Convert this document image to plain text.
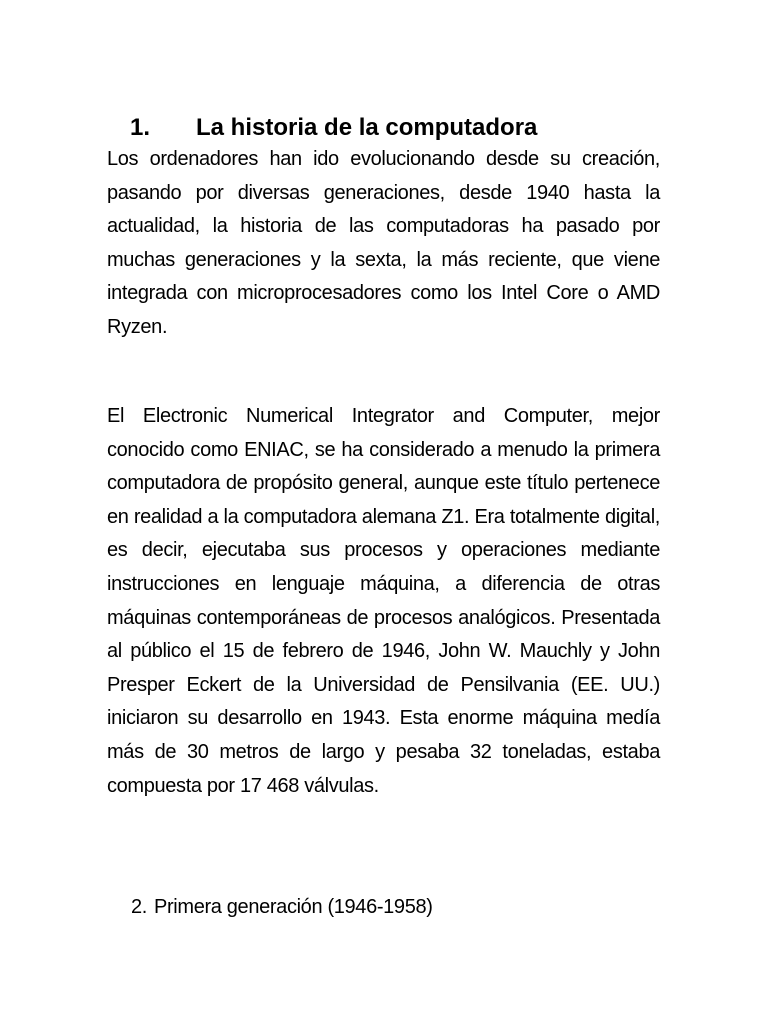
1. La historia de la computadora

Los ordenadores han ido evolucionando desde su creación, pasando por diversas generaciones, desde 1940 hasta la actualidad, la historia de las computadoras ha pasado por muchas generaciones y la sexta, la más reciente, que viene integrada con microprocesadores como los Intel Core o AMD Ryzen.

El Electronic Numerical Integrator and Computer, mejor conocido como ENIAC, se ha considerado a menudo la primera computadora de propósito general, aunque este título pertenece en realidad a la computadora alemana Z1. Era totalmente digital, es decir, ejecutaba sus procesos y operaciones mediante instrucciones en lenguaje máquina, a diferencia de otras máquinas contemporáneas de procesos analógicos. Presentada al público el 15 de febrero de 1946, John W. Mauchly y John Presper Eckert de la Universidad de Pensilvania (EE. UU.) iniciaron su desarrollo en 1943. Esta enorme máquina medía más de 30 metros de largo y pesaba 32 toneladas, estaba compuesta por 17 468 válvulas.

2. Primera generación (1946-1958)
